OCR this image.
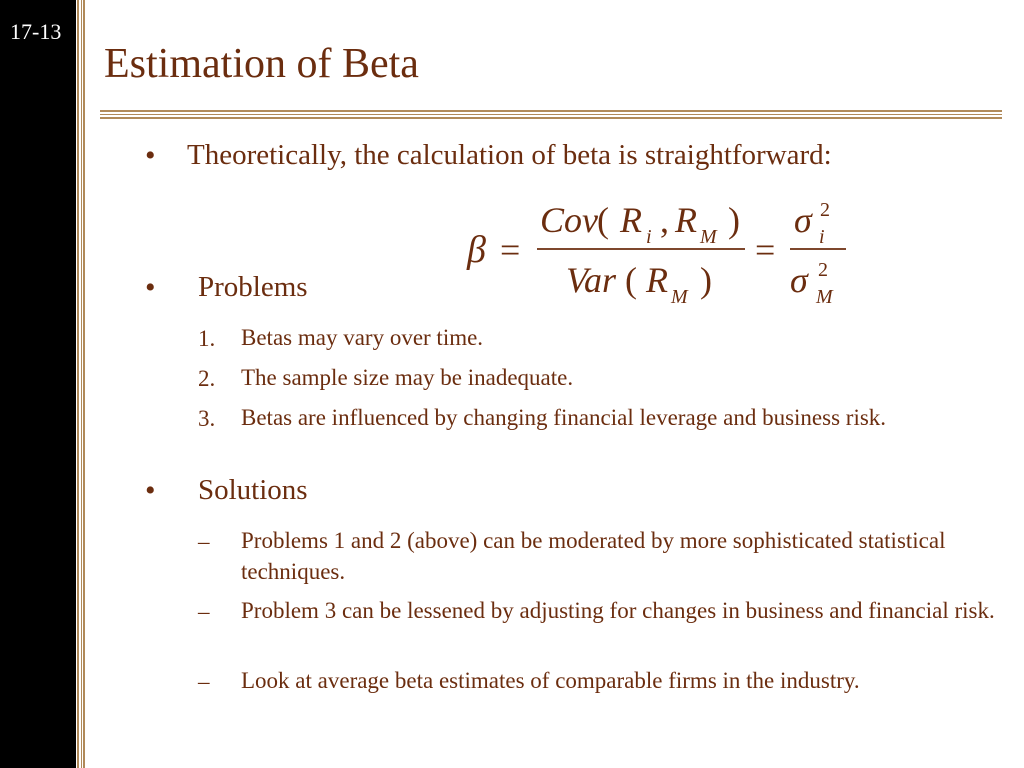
17-13
Estimation of Beta
• Theoretically, the calculation of beta is straightforward:
β =
Cov ( R i , R M )
Var ( R M )
=
σ 2
i
σ 2
M
• Problems
1. Betas may vary over time.
2. The sample size may be inadequate.
3. Betas are influenced by changing financial leverage and business risk.
• Solutions
– Problems 1 and 2 (above) can be moderated by more sophisticated statistical techniques.
– Problem 3 can be lessened by adjusting for changes in business and financial risk.
– Look at average beta estimates of comparable firms in the industry.
